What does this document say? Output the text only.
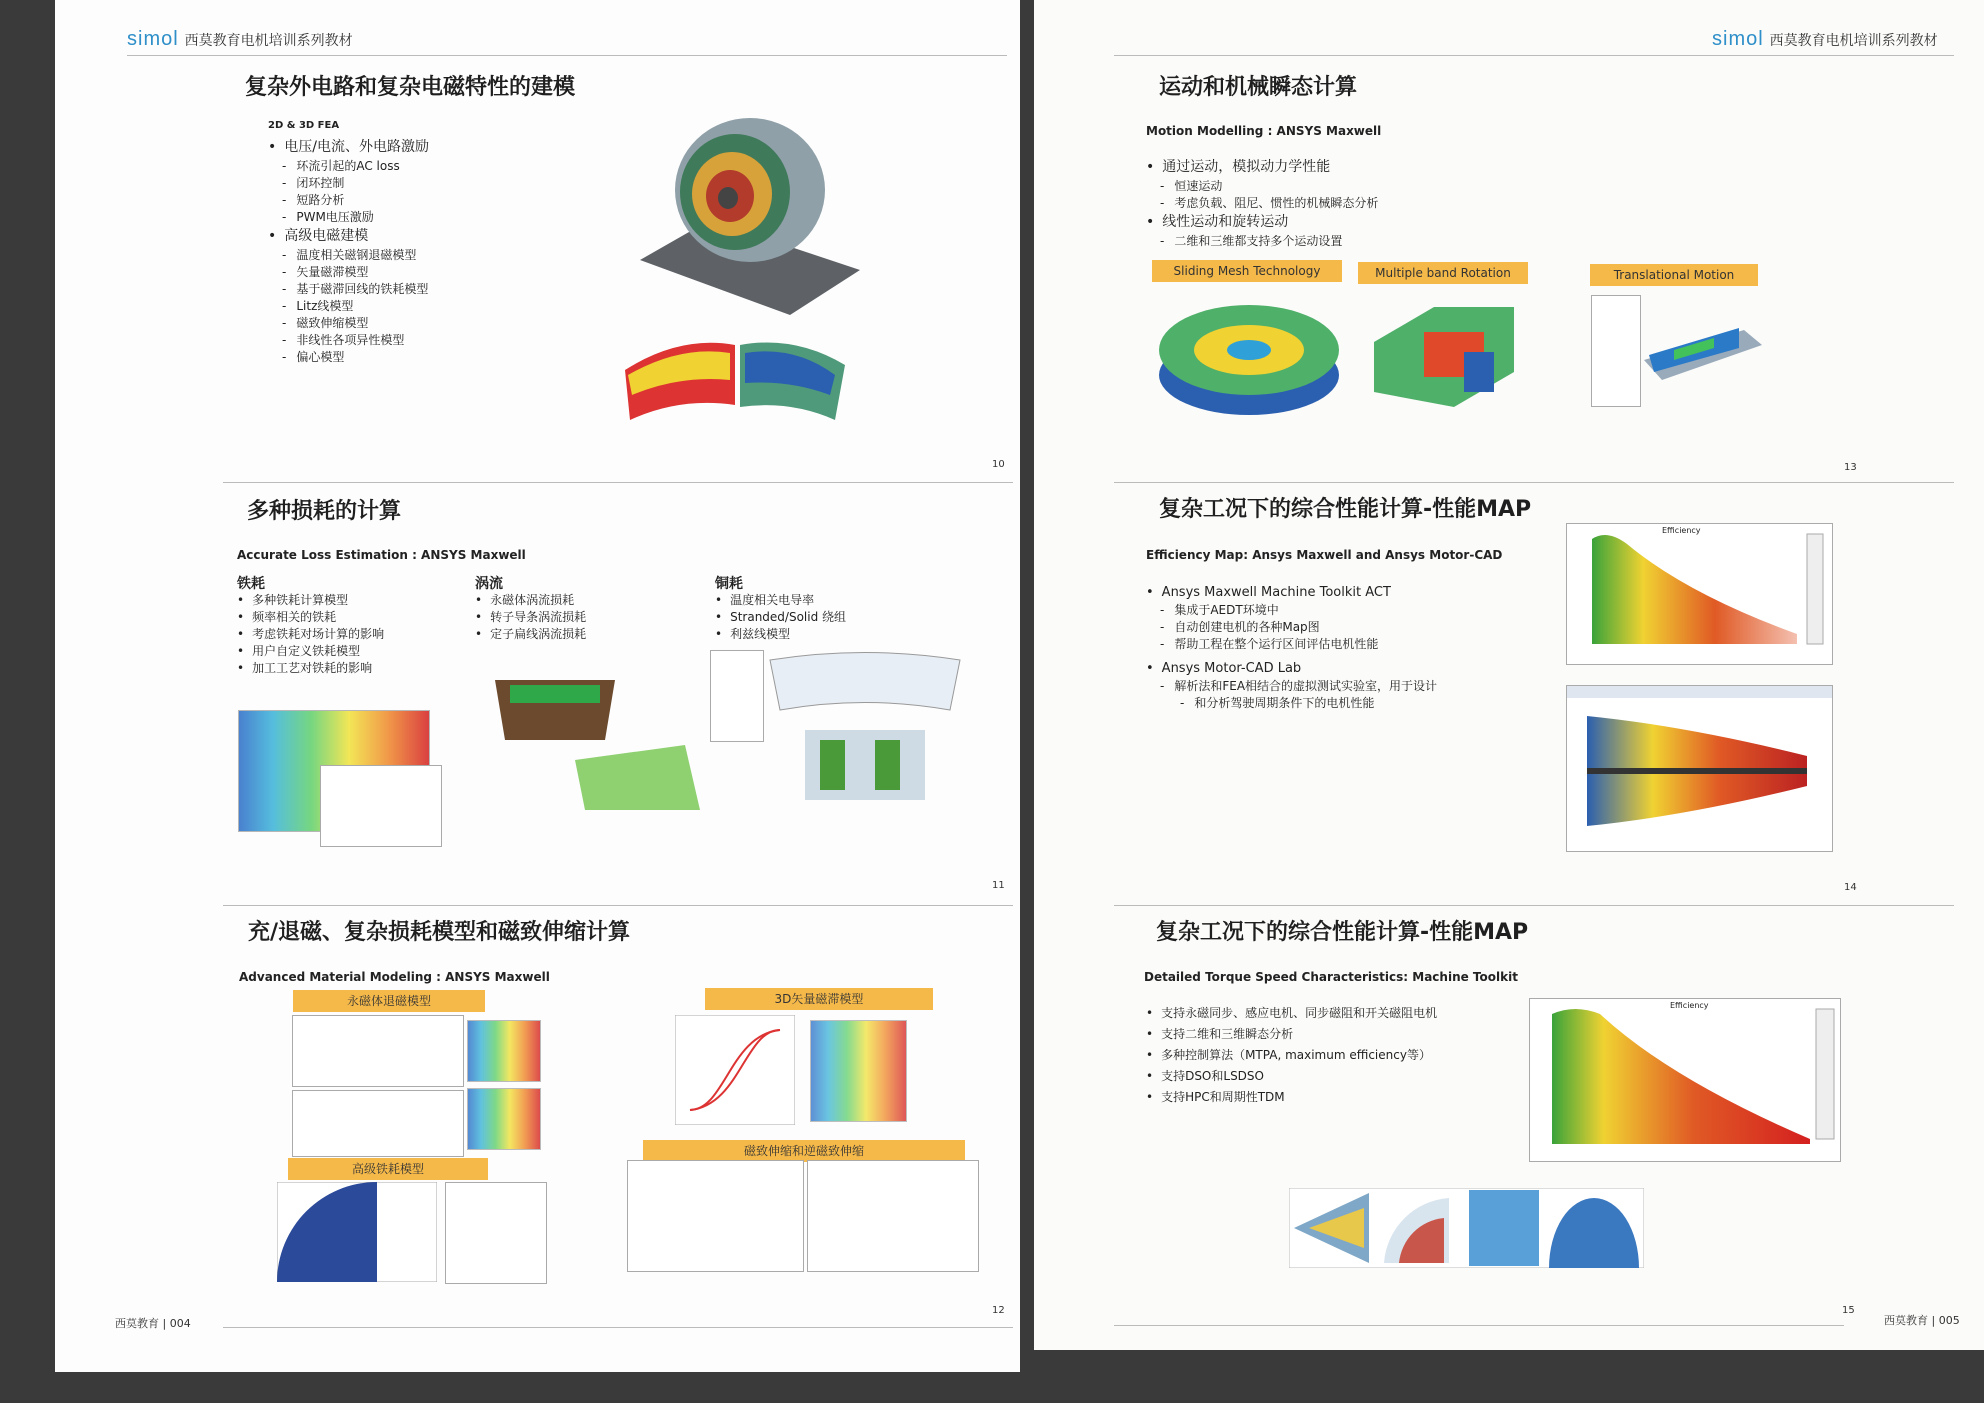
simol 西莫教育电机培训系列教材
复杂外电路和复杂电磁特性的建模
2D & 3D FEA
• 电压/电流、外电路激励
- 环流引起的AC loss
- 闭环控制
- 短路分析
- PWM电压激励
• 高级电磁建模
- 温度相关磁钢退磁模型
- 矢量磁滞模型
- 基于磁滞回线的铁耗模型
- Litz线模型
- 磁致伸缩模型
- 非线性各项异性模型
- 偏心模型
10
多种损耗的计算
Accurate Loss Estimation : ANSYS Maxwell
铁耗
• 多种铁耗计算模型
• 频率相关的铁耗
• 考虑铁耗对场计算的影响
• 用户自定义铁耗模型
• 加工工艺对铁耗的影响
涡流
• 永磁体涡流损耗
• 转子导条涡流损耗
• 定子扁线涡流损耗
铜耗
• 温度相关电导率
• Stranded/Solid 绕组
• 利兹线模型
11
充/退磁、复杂损耗模型和磁致伸缩计算
Advanced Material Modeling : ANSYS Maxwell
永磁体退磁模型
高级铁耗模型
3D矢量磁滞模型
磁致伸缩和逆磁致伸缩
12
西莫教育 | 004
simol 西莫教育电机培训系列教材
运动和机械瞬态计算
Motion Modelling : ANSYS Maxwell
• 通过运动，模拟动力学性能
- 恒速运动
- 考虑负载、阻尼、惯性的机械瞬态分析
• 线性运动和旋转运动
- 二维和三维都支持多个运动设置
Sliding Mesh Technology	Multiple band Rotation	Translational Motion
13
复杂工况下的综合性能计算-性能MAP
Efficiency Map: Ansys Maxwell and Ansys Motor-CAD
• Ansys Maxwell Machine Toolkit ACT
- 集成于AEDT环境中
- 自动创建电机的各种Map图
- 帮助工程在整个运行区间评估电机性能
• Ansys Motor-CAD Lab
- 解析法和FEA相结合的虚拟测试实验室，用于设计
- 和分析驾驶周期条件下的电机性能
Efficiency
14
复杂工况下的综合性能计算-性能MAP
Detailed Torque Speed Characteristics: Machine Toolkit
• 支持永磁同步、感应电机、同步磁阻和开关磁阻电机
• 支持二维和三维瞬态分析
• 多种控制算法（MTPA, maximum efficiency等）
• 支持DSO和LSDSO
• 支持HPC和周期性TDM
Efficiency
15
西莫教育 | 005
